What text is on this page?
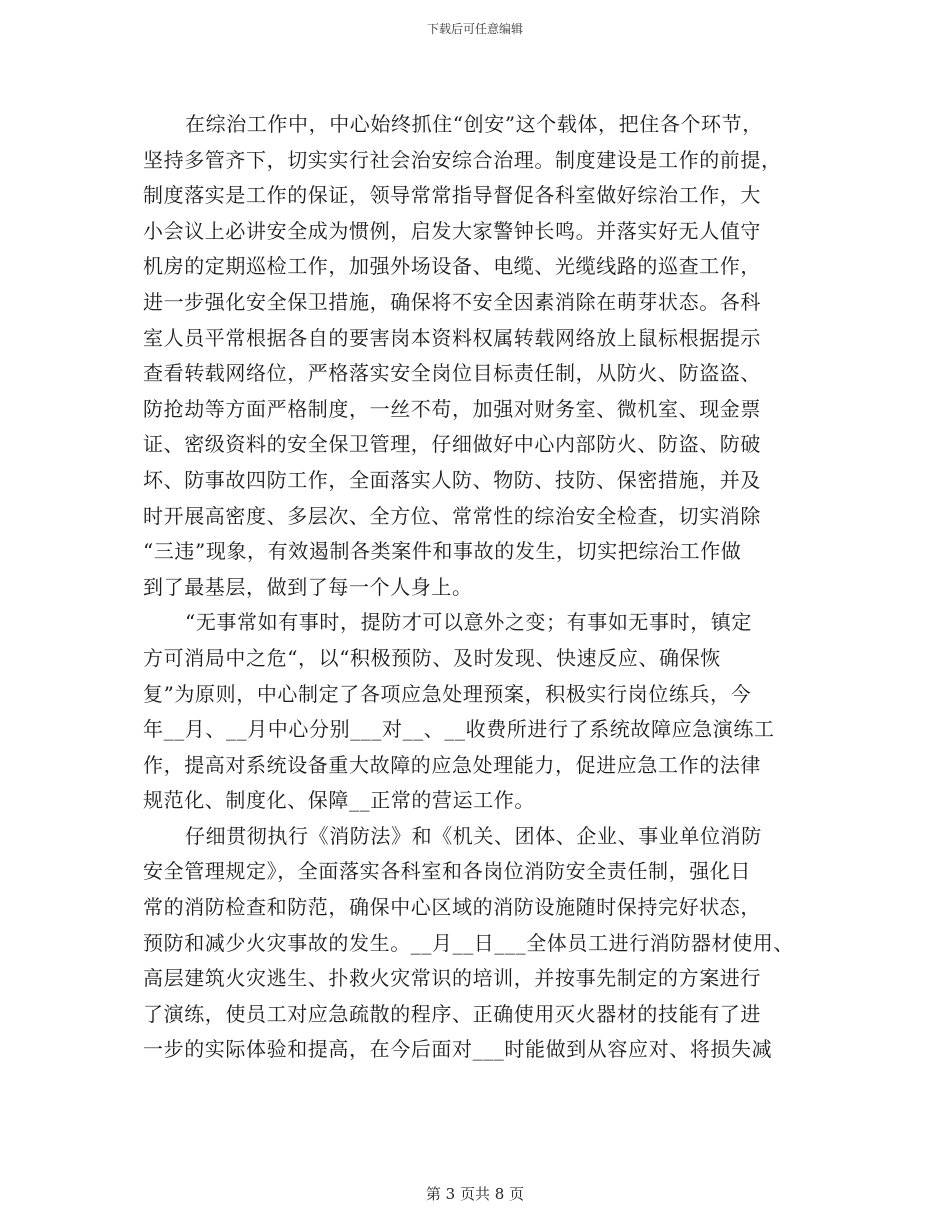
下载后可任意编辑
在综治工作中，中心始终抓住“创安”这个载体，把住各个环节，
坚持多管齐下，切实实行社会治安综合治理。制度建设是工作的前提，
制度落实是工作的保证，领导常常指导督促各科室做好综治工作，大
小会议上必讲安全成为惯例，启发大家警钟长鸣。并落实好无人值守
机房的定期巡检工作，加强外场设备、电缆、光缆线路的巡查工作，
进一步强化安全保卫措施，确保将不安全因素消除在萌芽状态。各科
室人员平常根据各自的要害岗本资料权属转载网络放上鼠标根据提示
查看转载网络位，严格落实安全岗位目标责任制，从防火、防盗盗、
防抢劫等方面严格制度，一丝不苟，加强对财务室、微机室、现金票
证、密级资料的安全保卫管理，仔细做好中心内部防火、防盗、防破
坏、防事故四防工作，全面落实人防、物防、技防、保密措施，并及
时开展高密度、多层次、全方位、常常性的综治安全检查，切实消除
“三违”现象，有效遏制各类案件和事故的发生，切实把综治工作做
到了最基层，做到了每一个人身上。
“无事常如有事时，提防才可以意外之变；有事如无事时，镇定
方可消局中之危“，以“积极预防、及时发现、快速反应、确保恢
复”为原则，中心制定了各项应急处理预案，积极实行岗位练兵，今
年__月、__月中心分别___对__、__收费所进行了系统故障应急演练工
作，提高对系统设备重大故障的应急处理能力，促进应急工作的法律
规范化、制度化、保障__正常的营运工作。
仔细贯彻执行《消防法》和《机关、团体、企业、事业单位消防
安全管理规定》，全面落实各科室和各岗位消防安全责任制，强化日
常的消防检查和防范，确保中心区域的消防设施随时保持完好状态，
预防和减少火灾事故的发生。__月__日___全体员工进行消防器材使用、
高层建筑火灾逃生、扑救火灾常识的培训，并按事先制定的方案进行
了演练，使员工对应急疏散的程序、正确使用灭火器材的技能有了进
一步的实际体验和提高，在今后面对___时能做到从容应对、将损失减
第 3 页共 8 页
